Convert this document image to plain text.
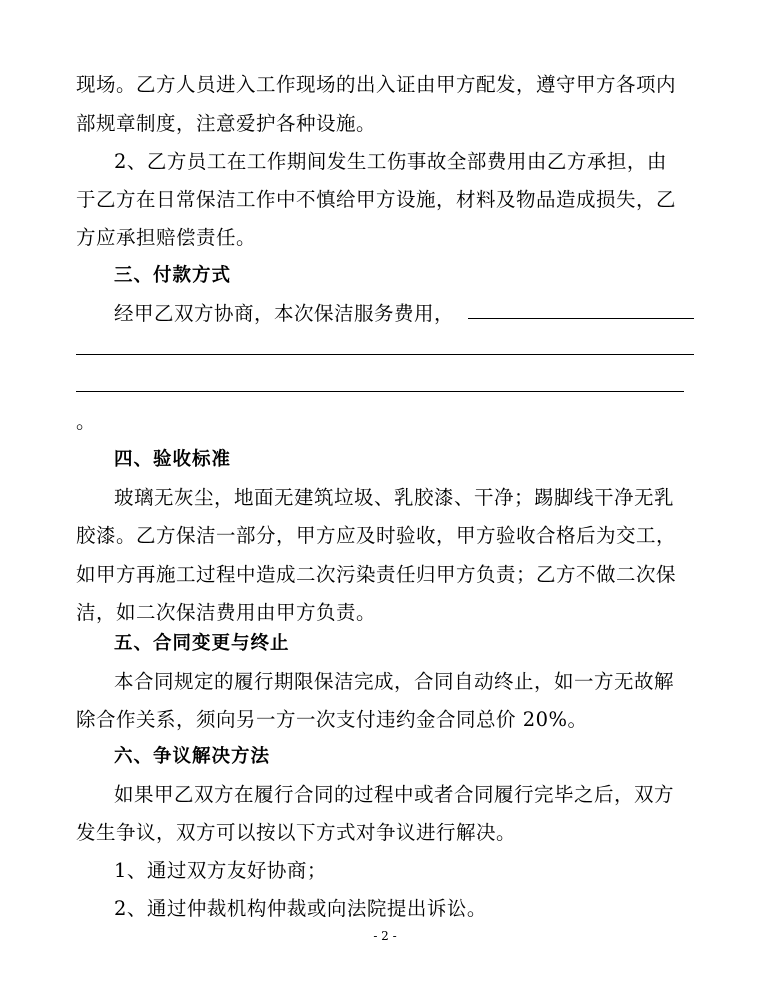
现场。乙方人员进入工作现场的出入证由甲方配发，遵守甲方各项内
部规章制度，注意爱护各种设施。
2、乙方员工在工作期间发生工伤事故全部费用由乙方承担，由
于乙方在日常保洁工作中不慎给甲方设施，材料及物品造成损失，乙
方应承担赔偿责任。
三、付款方式
经甲乙双方协商，本次保洁服务费用，
。
四、验收标准
玻璃无灰尘，地面无建筑垃圾、乳胶漆、干净；踢脚线干净无乳
胶漆。乙方保洁一部分，甲方应及时验收，甲方验收合格后为交工，
如甲方再施工过程中造成二次污染责任归甲方负责；乙方不做二次保
洁，如二次保洁费用由甲方负责。
五、合同变更与终止
本合同规定的履行期限保洁完成，合同自动终止，如一方无故解
除合作关系，须向另一方一次支付违约金合同总价 20%。
六、争议解决方法
如果甲乙双方在履行合同的过程中或者合同履行完毕之后，双方
发生争议，双方可以按以下方式对争议进行解决。
1、通过双方友好协商；
2、通过仲裁机构仲裁或向法院提出诉讼。
- 2 -
